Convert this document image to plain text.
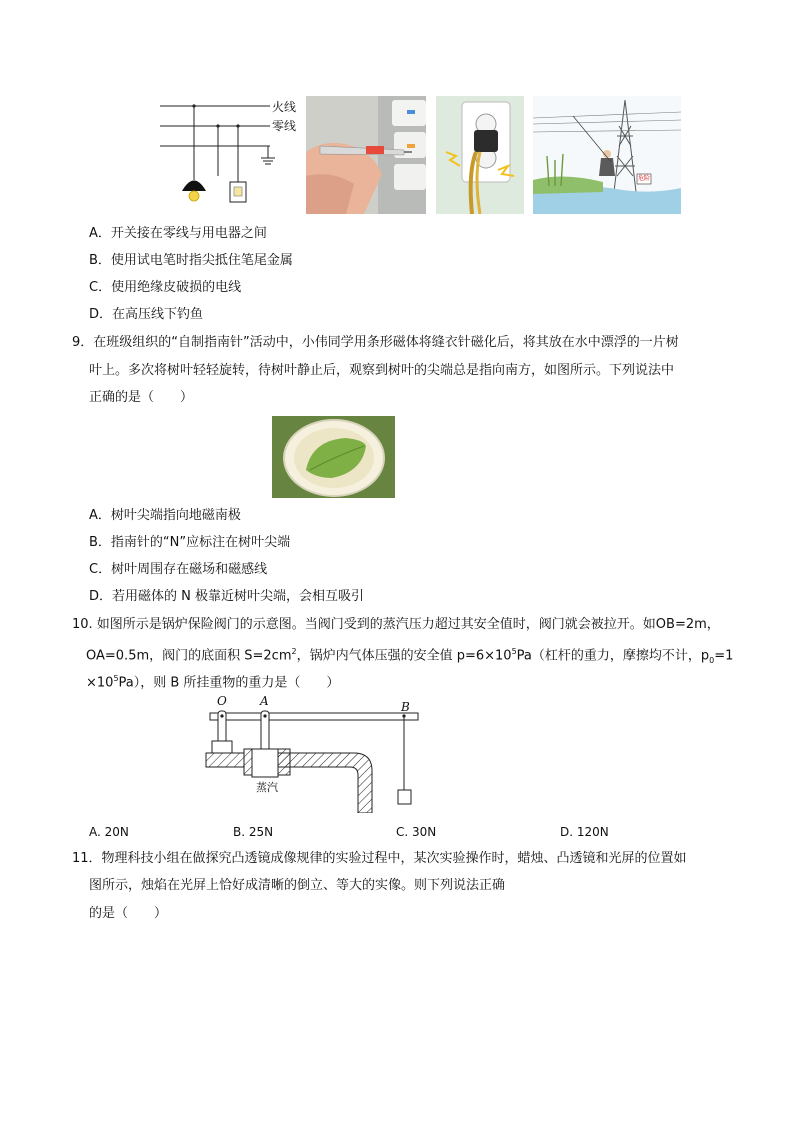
火线
零线
危险
A．开关接在零线与用电器之间
B．使用试电笔时指尖抵住笔尾金属
C．使用绝缘皮破损的电线
D．在高压线下钓鱼
9．在班级组织的“自制指南针”活动中，小伟同学用条形磁体将缝衣针磁化后，将其放在水中漂浮的一片树
叶上。多次将树叶轻轻旋转，待树叶静止后，观察到树叶的尖端总是指向南方，如图所示。下列说法中
正确的是（　　）
A．树叶尖端指向地磁南极
B．指南针的“N”应标注在树叶尖端
C．树叶周围存在磁场和磁感线
D．若用磁体的 N 极靠近树叶尖端，会相互吸引
10. 如图所示是锅炉保险阀门的示意图。当阀门受到的蒸汽压力超过其安全值时，阀门就会被拉开。如OB=2m，
OA=0.5m，阀门的底面积 $S=2cm^2$，锅炉内气体压强的安全值 $p=6\times 10^5Pa$（杠杆的重力，摩擦均不计，$p_0=1$
$\times 10^5Pa$），则 B 所挂重物的重力是（　　）
O	A	B
蒸汽
A. 20N	B. 25N	C. 30N	D. 120N
11．物理科技小组在做探究凸透镜成像规律的实验过程中，某次实验操作时，蜡烛、凸透镜和光屏的位置如
图所示，烛焰在光屏上恰好成清晰的倒立、等大的实像。则下列说法正确
的是（　　）
